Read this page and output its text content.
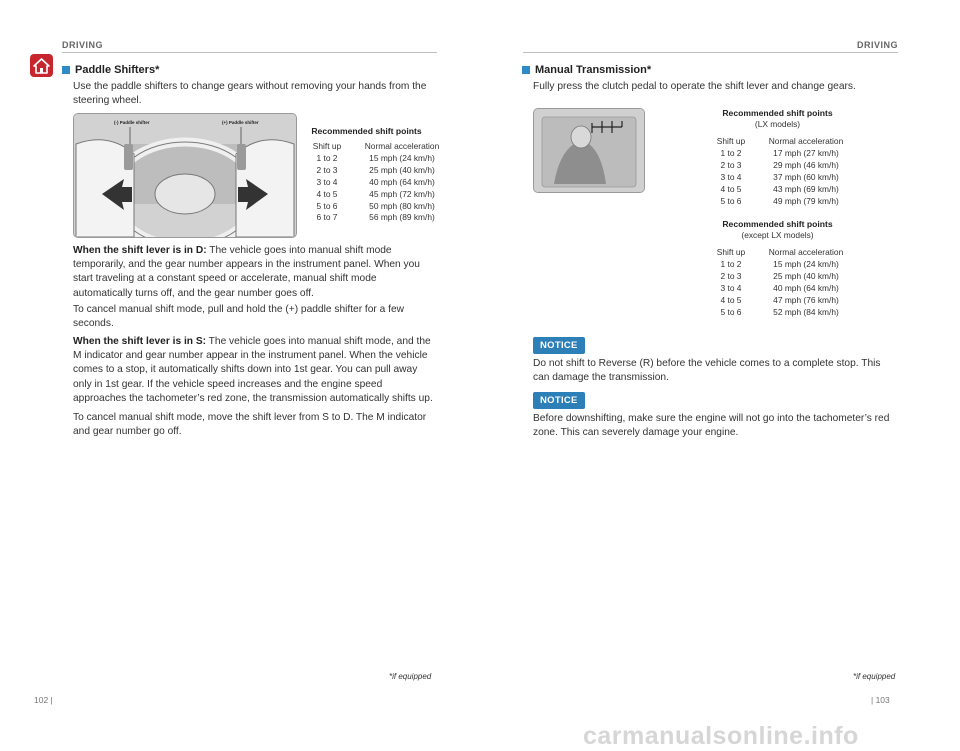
DRIVING
Paddle Shifters*

Use the paddle shifters to change gears without removing your hands from the steering wheel.

(-) Paddle shifter	(+) Paddle shifter
Recommended shift points
Shift up	Normal acceleration
1 to 2	15 mph (24 km/h)
2 to 3	25 mph (40 km/h)
3 to 4	40 mph (64 km/h)
4 to 5	45 mph (72 km/h)
5 to 6	50 mph (80 km/h)
6 to 7	56 mph (89 km/h)

When the shift lever is in D: The vehicle goes into manual shift mode temporarily, and the gear number appears in the instrument panel. When you start traveling at a constant speed or accelerate, manual shift mode automatically turns off, and the gear number goes off.

To cancel manual shift mode, pull and hold the (+) paddle shifter for a few seconds.

When the shift lever is in S: The vehicle goes into manual shift mode, and the M indicator and gear number appear in the instrument panel. When the vehicle comes to a stop, it automatically shifts down into 1st gear. You can pull away only in 1st gear. If the vehicle speed increases and the engine speed approaches the tachometer’s red zone, the transmission automatically shifts up.

To cancel manual shift mode, move the shift lever from S to D. The M indicator and gear number go off.

*if equipped
102 |
DRIVING
Manual Transmission*

Fully press the clutch pedal to operate the shift lever and change gears.

Recommended shift points
(LX models)
Shift up	Normal acceleration
1 to 2	17 mph (27 km/h)
2 to 3	29 mph (46 km/h)
3 to 4	37 mph (60 km/h)
4 to 5	43 mph (69 km/h)
5 to 6	49 mph (79 km/h)
Recommended shift points
(except LX models)
Shift up	Normal acceleration
1 to 2	15 mph (24 km/h)
2 to 3	25 mph (40 km/h)
3 to 4	40 mph (64 km/h)
4 to 5	47 mph (76 km/h)
5 to 6	52 mph (84 km/h)
NOTICE

Do not shift to Reverse (R) before the vehicle comes to a complete stop. This can damage the transmission.

NOTICE

Before downshifting, make sure the engine will not go into the tachometer’s red zone. This can severely damage your engine.

*if equipped
| 103
carmanualsonline.info
